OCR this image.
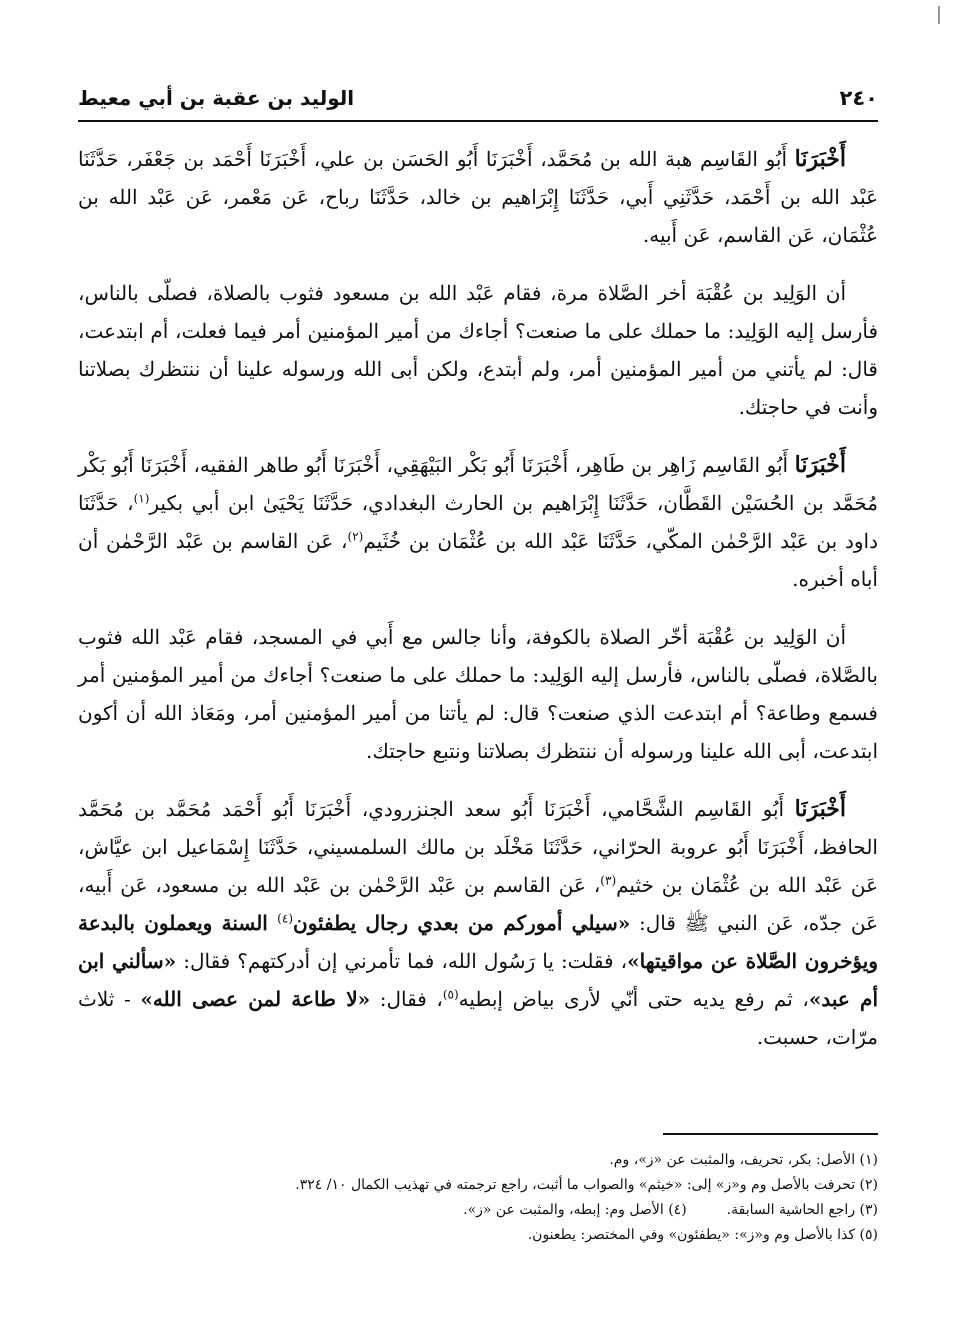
٢٤٠
الوليد بن عقبة بن أبي معيط

أَخْبَرَنَا أَبُو القَاسِم هبة الله بن مُحَمَّد، أَخْبَرَنَا أَبُو الحَسَن بن علي، أَخْبَرَنَا أَحْمَد بن جَعْفَر، حَدَّثَنَا عَبْد الله بن أَحْمَد، حَدَّثَنِي أَبي، حَدَّثَنَا إِبْرَاهيم بن خالد، حَدَّثَنَا رباح، عَن مَعْمر، عَن عَبْد الله بن عُثْمَان، عَن القاسم، عَن أَبيه.

أن الوَلِيد بن عُقْبَة أخر الصَّلاة مرة، فقام عَبْد الله بن مسعود فثوب بالصلاة، فصلّى بالناس، فأرسل إليه الوَلِيد: ما حملك على ما صنعت؟ أجاءك من أمير المؤمنين أمر فيما فعلت، أم ابتدعت، قال: لم يأتني من أمير المؤمنين أمر، ولم أبتدع، ولكن أبى الله ورسوله علينا أن ننتظرك بصلاتنا وأنت في حاجتك.

أَخْبَرَنَا أَبُو القَاسِم زَاهِر بن طَاهِر، أَخْبَرَنَا أَبُو بَكْر البَيْهَقِي، أَخْبَرَنَا أَبُو طاهر الفقيه، أَخْبَرَنَا أَبُو بَكْر مُحَمَّد بن الحُسَيْن القَطَّان، حَدَّثَنَا إِبْرَاهيم بن الحارث البغدادي، حَدَّثَنَا يَحْيَىٰ ابن أبي بكير$^{(١)}$، حَدَّثَنَا داود بن عَبْد الرَّحْمٰن المكّي، حَدَّثَنَا عَبْد الله بن عُثْمَان بن خُثَيم$^{(٢)}$، عَن القاسم بن عَبْد الرَّحْمٰن أن أباه أخبره.

أن الوَلِيد بن عُقْبَة أخّر الصلاة بالكوفة، وأنا جالس مع أَبي في المسجد، فقام عَبْد الله فثوب بالصَّلاة، فصلّى بالناس، فأرسل إليه الوَلِيد: ما حملك على ما صنعت؟ أجاءك من أمير المؤمنين أمر فسمع وطاعة؟ أم ابتدعت الذي صنعت؟ قال: لم يأتنا من أمير المؤمنين أمر، ومَعَاذ الله أن أكون ابتدعت، أبى الله علينا ورسوله أن ننتظرك بصلاتنا ونتبع حاجتك.

أَخْبَرَنَا أَبُو القَاسِم الشَّحَّامي، أَخْبَرَنَا أَبُو سعد الجنزرودي، أَخْبَرَنَا أَبُو أَحْمَد مُحَمَّد بن مُحَمَّد الحافظ، أَخْبَرَنَا أَبُو عروبة الحرّاني، حَدَّثَنَا مَخْلَد بن مالك السلمسيني، حَدَّثَنَا إِسْمَاعيل ابن عيَّاش، عَن عَبْد الله بن عُثْمَان بن خثيم$^{(٣)}$، عَن القاسم بن عَبْد الرَّحْمٰن بن عَبْد الله بن مسعود، عَن أَبيه، عَن جدّه، عَن النبي ﷺ قال: «سيلي أموركم من بعدي رجال يطفئون$^{(٤)}$ السنة ويعملون بالبدعة ويؤخرون الصَّلاة عن مواقيتها»، فقلت: يا رَسُول الله، فما تأمرني إن أدركتهم؟ فقال: «سألني ابن أم عبد»، ثم رفع يديه حتى أنّي لأرى بياض إبطيه$^{(٥)}$، فقال: «لا طاعة لمن عصى الله» - ثلاث مرّات، حسبت.

(١) الأصل: بكر، تحريف، والمثبت عن «ز»، وم.
(٢) تحرفت بالأصل وم و«ز» إلى: «خيثم» والصواب ما أثبت، راجع ترجمته في تهذيب الكمال ١٠/ ٣٢٤.
(٣) راجع الحاشية السابقة.
(٤) الأصل وم: إبطه، والمثبت عن «ز».
(٥) كذا بالأصل وم و«ز»: «يطفئون» وفي المختصر: يطعنون.
